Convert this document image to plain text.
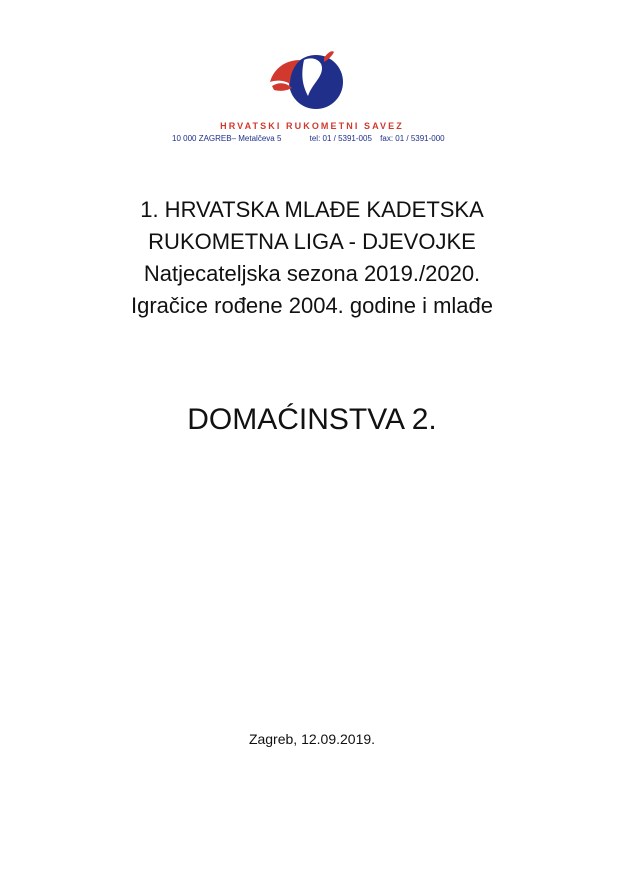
HRVATSKI RUKOMETNI SAVEZ
10 000 ZAGREB– Metalčeva 5	tel: 01 / 5391-005 fax: 01 / 5391-000
1. HRVATSKA MLAĐE KADETSKA
RUKOMETNA LIGA - DJEVOJKE
Natjecateljska sezona 2019./2020.
Igračice rođene 2004. godine i mlađe
DOMAĆINSTVA 2.
Zagreb, 12.09.2019.
